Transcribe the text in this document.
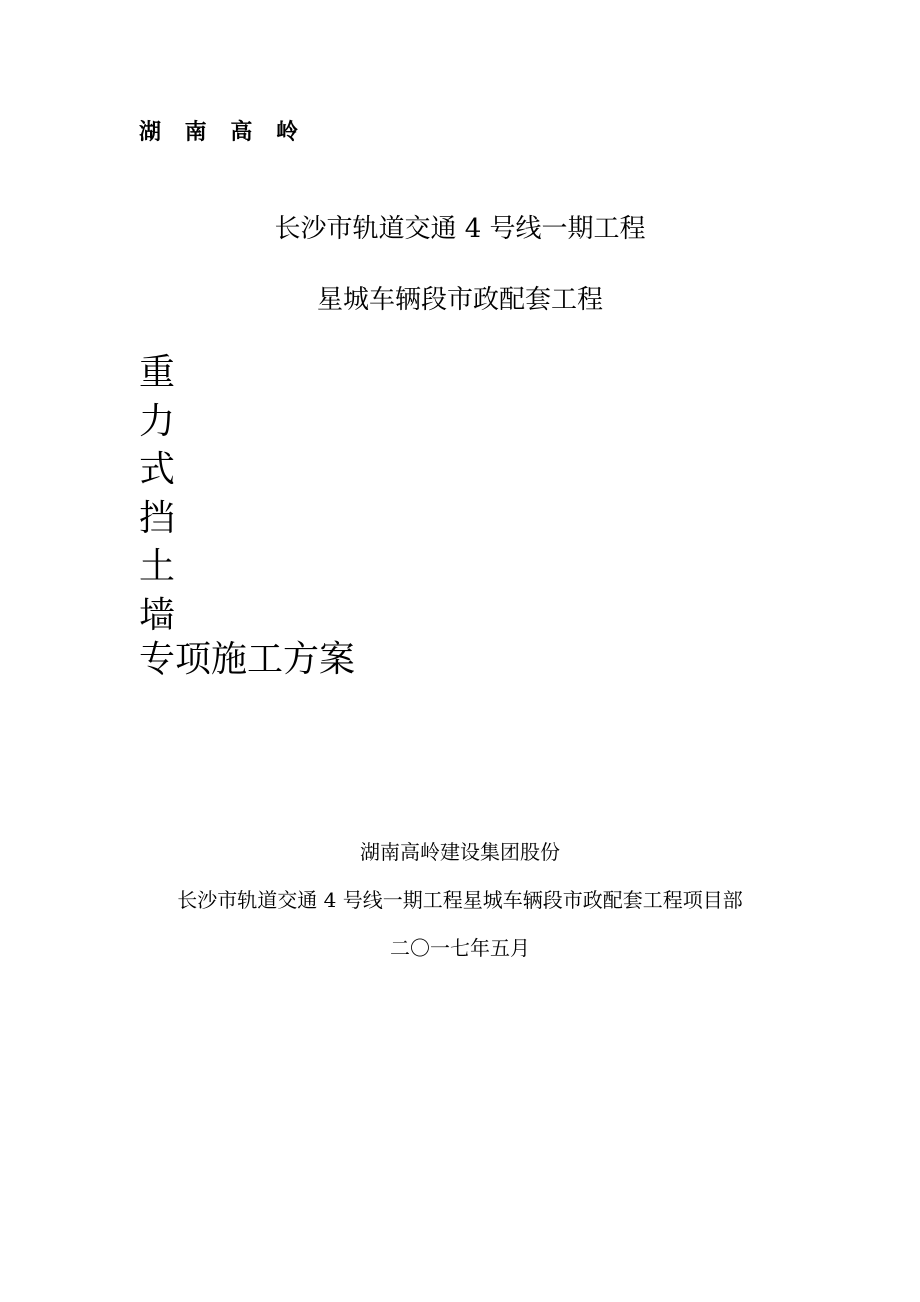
湖 南 高 岭
长沙市轨道交通 4 号线一期工程
星城车辆段市政配套工程
重
力
式
挡
土
墙
专项施工方案
湖南高岭建设集团股份
长沙市轨道交通 4 号线一期工程星城车辆段市政配套工程项目部
二〇一七年五月
